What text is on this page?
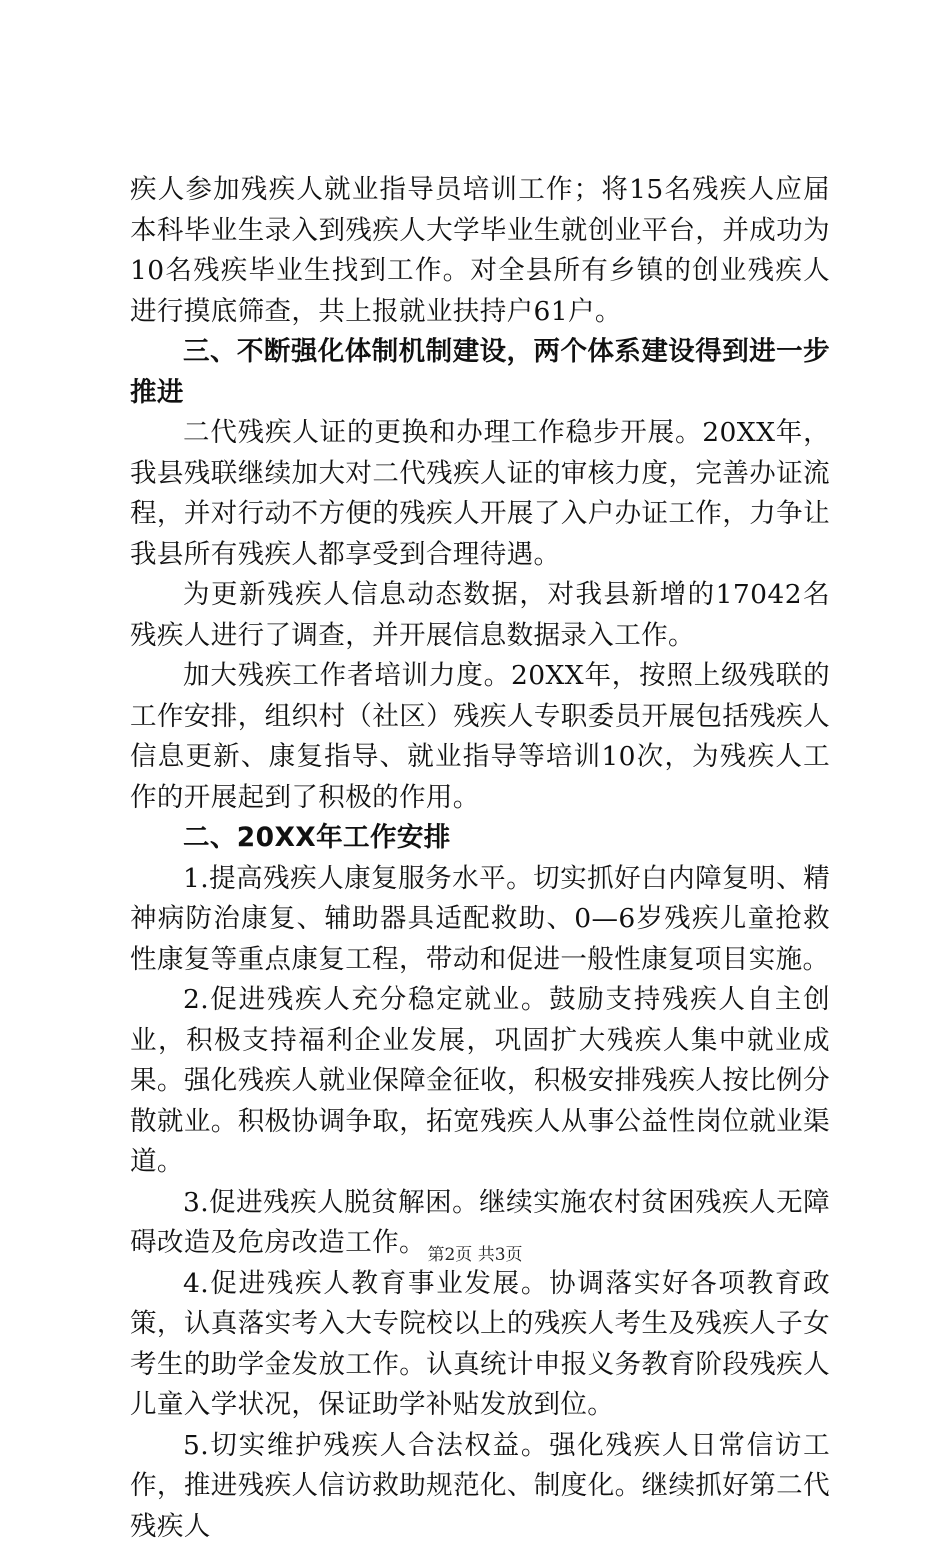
疾人参加残疾人就业指导员培训工作；将15名残疾人应届本科毕业生录入到残疾人大学毕业生就创业平台，并成功为10名残疾毕业生找到工作。对全县所有乡镇的创业残疾人进行摸底筛查，共上报就业扶持户61户。

三、不断强化体制机制建设，两个体系建设得到进一步推进

二代残疾人证的更换和办理工作稳步开展。20XX年，我县残联继续加大对二代残疾人证的审核力度，完善办证流程，并对行动不方便的残疾人开展了入户办证工作，力争让我县所有残疾人都享受到合理待遇。

为更新残疾人信息动态数据，对我县新增的17042名残疾人进行了调查，并开展信息数据录入工作。

加大残疾工作者培训力度。20XX年，按照上级残联的工作安排，组织村（社区）残疾人专职委员开展包括残疾人信息更新、康复指导、就业指导等培训10次，为残疾人工作的开展起到了积极的作用。

二、20XX年工作安排

1.提高残疾人康复服务水平。切实抓好白内障复明、精神病防治康复、辅助器具适配救助、0—6岁残疾儿童抢救性康复等重点康复工程，带动和促进一般性康复项目实施。

2.促进残疾人充分稳定就业。鼓励支持残疾人自主创业，积极支持福利企业发展，巩固扩大残疾人集中就业成果。强化残疾人就业保障金征收，积极安排残疾人按比例分散就业。积极协调争取，拓宽残疾人从事公益性岗位就业渠道。

3.促进残疾人脱贫解困。继续实施农村贫困残疾人无障碍改造及危房改造工作。

4.促进残疾人教育事业发展。协调落实好各项教育政策，认真落实考入大专院校以上的残疾人考生及残疾人子女考生的助学金发放工作。认真统计申报义务教育阶段残疾人儿童入学状况，保证助学补贴发放到位。

5.切实维护残疾人合法权益。强化残疾人日常信访工作，推进残疾人信访救助规范化、制度化。继续抓好第二代残疾人

第2页 共3页
